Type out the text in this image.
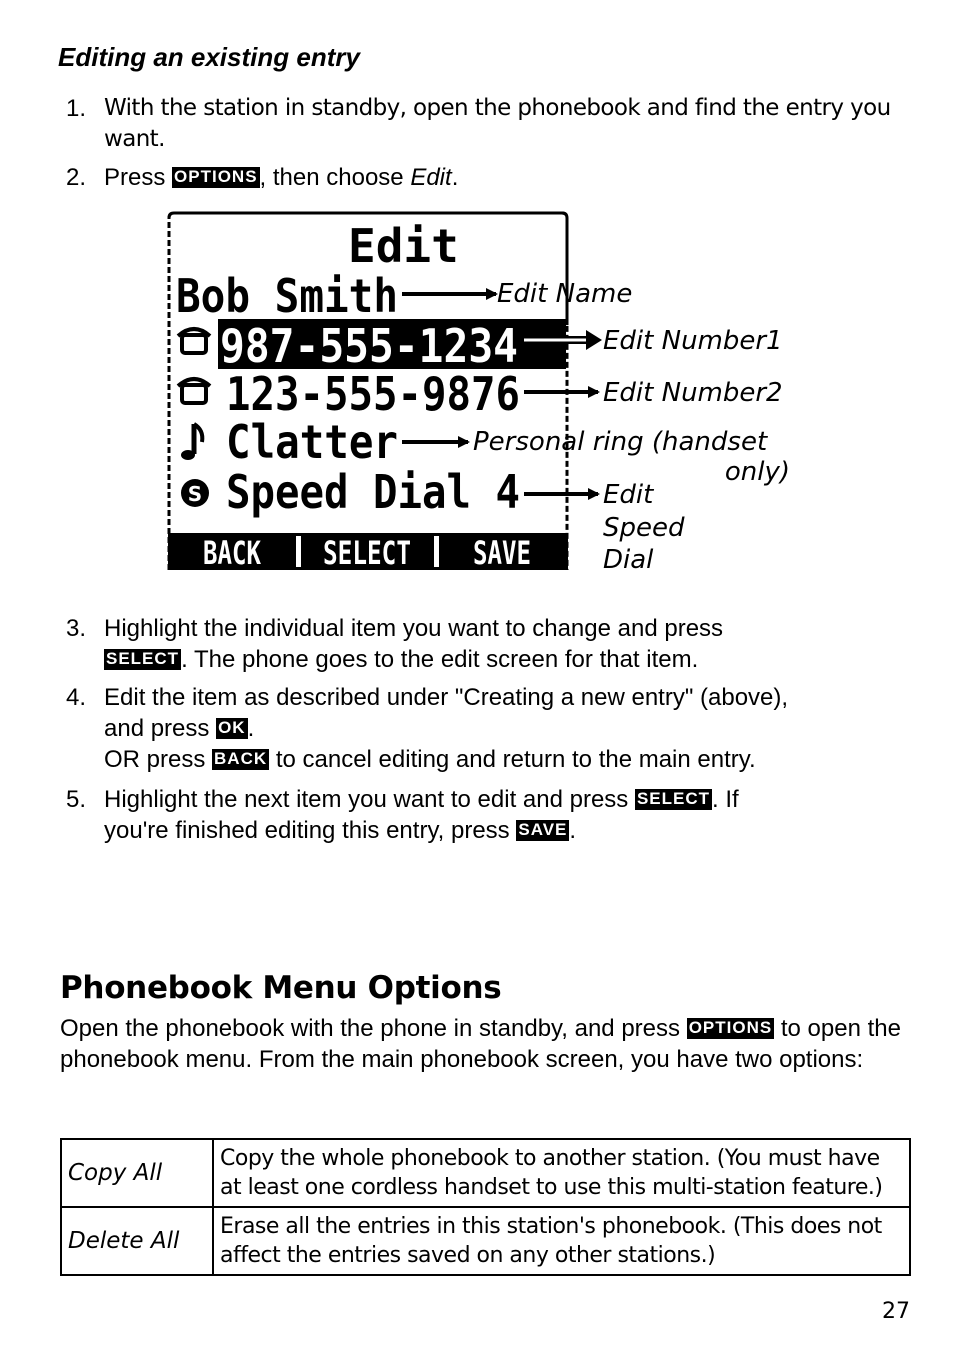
Editing an existing entry
1. With the station in standby, open the phonebook and find the entry you want.
2. Press OPTIONS, then choose Edit.
S
Edit
Bob Smith
987-555-1234
123-555-9876
Clatter
Speed Dial 4
BACK SELECT SAVE
Edit Name
Edit Number1
Edit Number2
Personal ring (handset
only)
Edit
Speed
Dial
3. Highlight the individual item you want to change and press
SELECT. The phone goes to the edit screen for that item.
4. Edit the item as described under "Creating a new entry" (above),
and press OK.
OR press BACK to cancel editing and return to the main entry.
5. Highlight the next item you want to edit and press SELECT. If
you're finished editing this entry, press SAVE.
Phonebook Menu Options
Open the phonebook with the phone in standby, and press OPTIONS to open the phonebook menu. From the main phonebook screen, you have two options:
Copy All	Copy the whole phonebook to another station. (You must have at least one cordless handset to use this multi-station feature.)
Delete All	Erase all the entries in this station's phonebook. (This does not affect the entries saved on any other stations.)
27
